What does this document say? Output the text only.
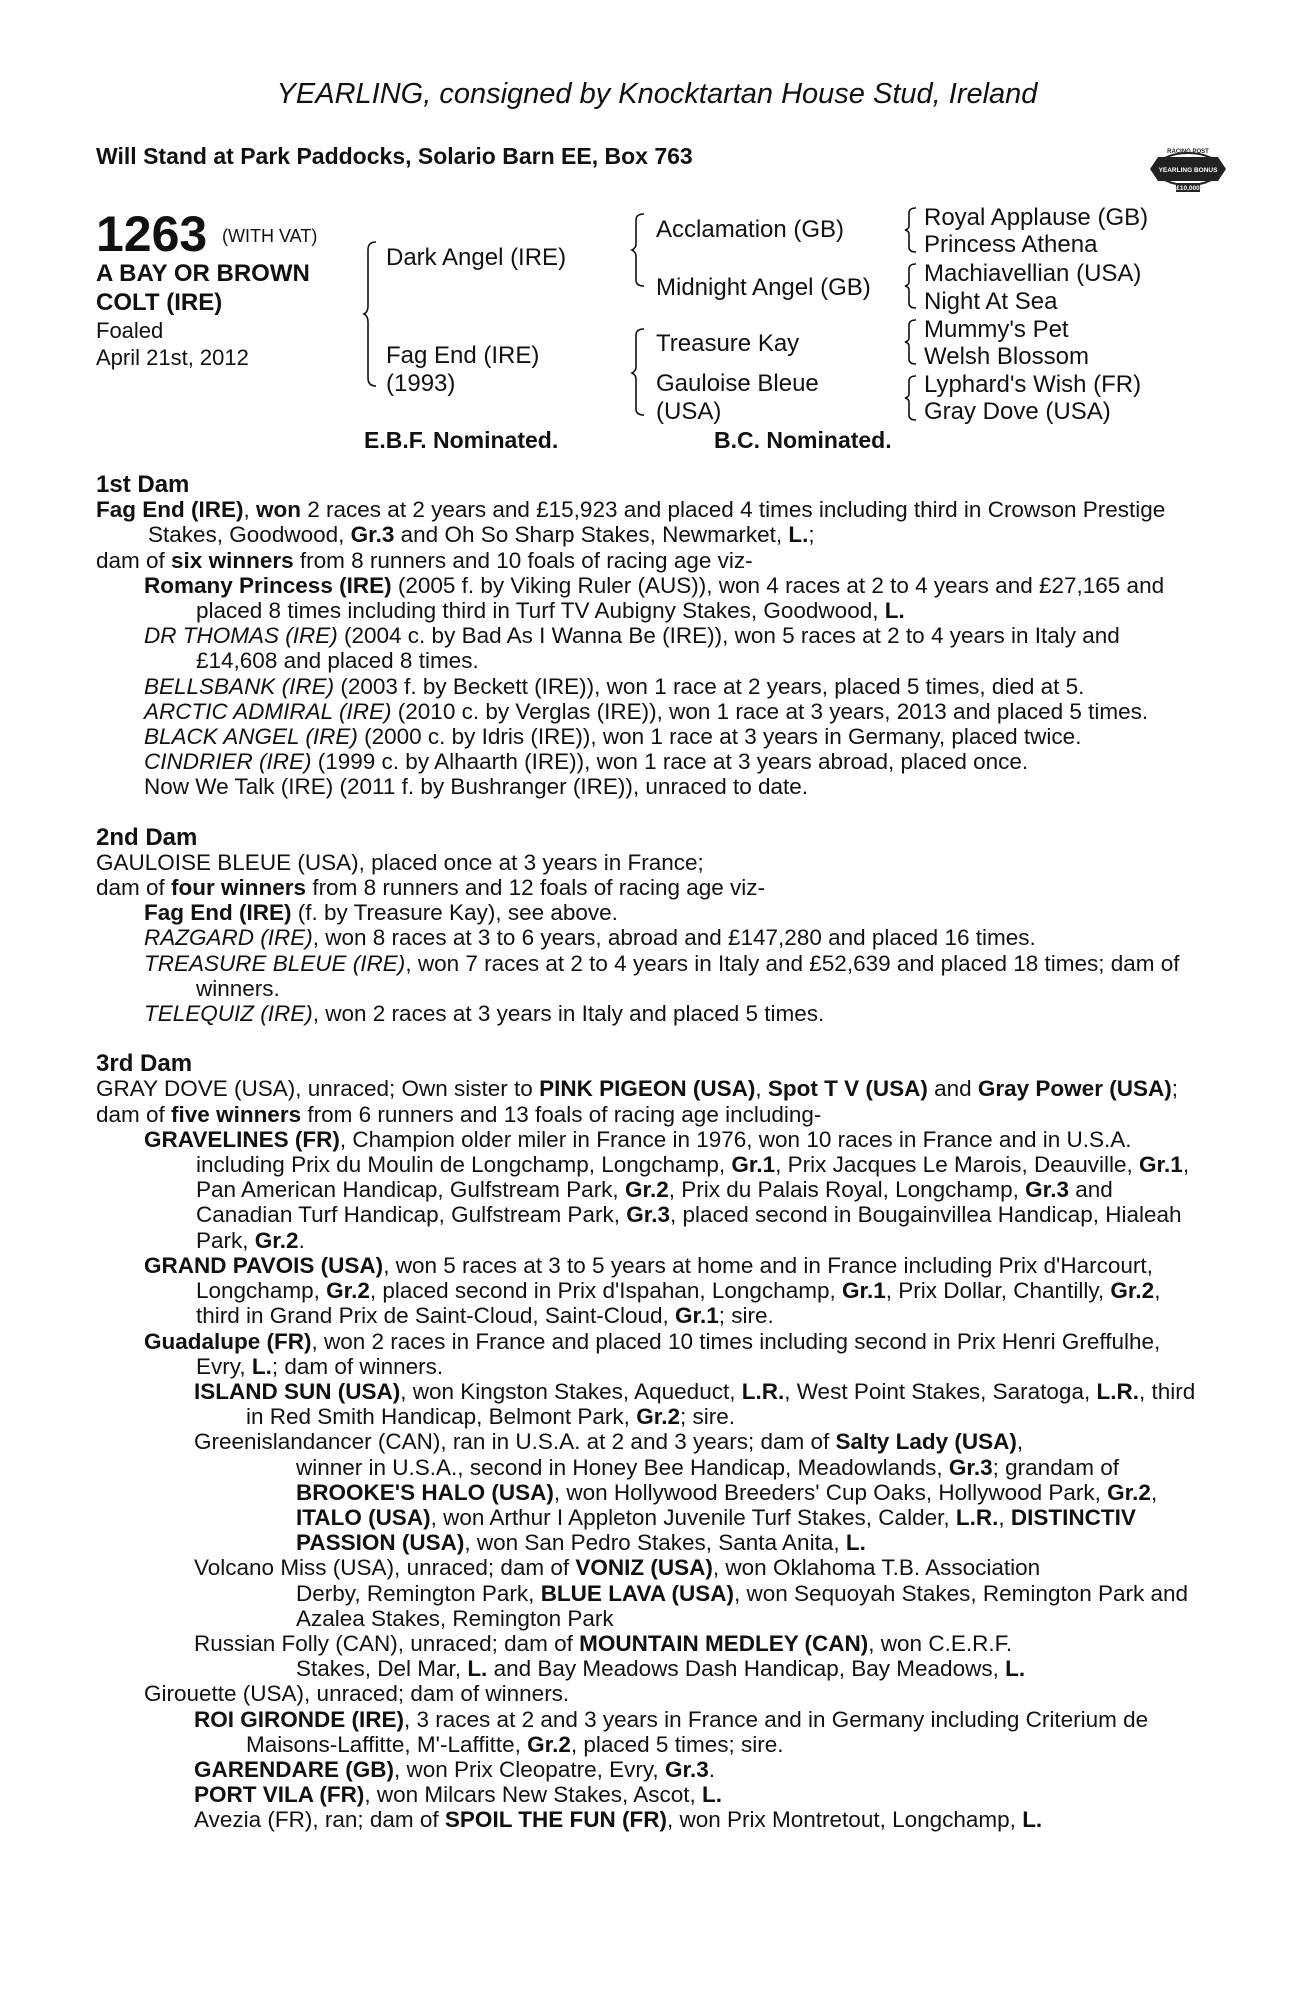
YEARLING, consigned by Knocktartan House Stud, Ireland
Will Stand at Park Paddocks, Solario Barn EE, Box 763	RACING POST
YEARLING BONUS
£10,000
1263 (WITH VAT)
A BAY OR BROWN
COLT (IRE)
Foaled
April 21st, 2012
Dark Angel (IRE)
Fag End (IRE)
(1993)
Acclamation (GB)
Midnight Angel (GB)
Treasure Kay
Gauloise Bleue
(USA)
Royal Applause (GB)
Princess Athena
Machiavellian (USA)
Night At Sea
Mummy's Pet
Welsh Blossom
Lyphard's Wish (FR)
Gray Dove (USA)
E.B.F. Nominated.	B.C. Nominated.

1st Dam

Fag End (IRE), won 2 races at 2 years and £15,923 and placed 4 times including third in Crowson Prestige Stakes, Goodwood, Gr.3 and Oh So Sharp Stakes, Newmarket, L.;

dam of six winners from 8 runners and 10 foals of racing age viz-

Romany Princess (IRE) (2005 f. by Viking Ruler (AUS)), won 4 races at 2 to 4 years and £27,165 and placed 8 times including third in Turf TV Aubigny Stakes, Goodwood, L.

DR THOMAS (IRE) (2004 c. by Bad As I Wanna Be (IRE)), won 5 races at 2 to 4 years in Italy and £14,608 and placed 8 times.

BELLSBANK (IRE) (2003 f. by Beckett (IRE)), won 1 race at 2 years, placed 5 times, died at 5.

ARCTIC ADMIRAL (IRE) (2010 c. by Verglas (IRE)), won 1 race at 3 years, 2013 and placed 5 times.

BLACK ANGEL (IRE) (2000 c. by Idris (IRE)), won 1 race at 3 years in Germany, placed twice.

CINDRIER (IRE) (1999 c. by Alhaarth (IRE)), won 1 race at 3 years abroad, placed once.

Now We Talk (IRE) (2011 f. by Bushranger (IRE)), unraced to date.

2nd Dam

GAULOISE BLEUE (USA), placed once at 3 years in France;

dam of four winners from 8 runners and 12 foals of racing age viz-

Fag End (IRE) (f. by Treasure Kay), see above.

RAZGARD (IRE), won 8 races at 3 to 6 years, abroad and £147,280 and placed 16 times.

TREASURE BLEUE (IRE), won 7 races at 2 to 4 years in Italy and £52,639 and placed 18 times; dam of winners.

TELEQUIZ (IRE), won 2 races at 3 years in Italy and placed 5 times.

3rd Dam

GRAY DOVE (USA), unraced; Own sister to PINK PIGEON (USA), Spot T V (USA) and Gray Power (USA);

dam of five winners from 6 runners and 13 foals of racing age including-

GRAVELINES (FR), Champion older miler in France in 1976, won 10 races in France and in U.S.A. including Prix du Moulin de Longchamp, Longchamp, Gr.1, Prix Jacques Le Marois, Deauville, Gr.1, Pan American Handicap, Gulfstream Park, Gr.2, Prix du Palais Royal, Longchamp, Gr.3 and Canadian Turf Handicap, Gulfstream Park, Gr.3, placed second in Bougainvillea Handicap, Hialeah Park, Gr.2.

GRAND PAVOIS (USA), won 5 races at 3 to 5 years at home and in France including Prix d'Harcourt, Longchamp, Gr.2, placed second in Prix d'Ispahan, Longchamp, Gr.1, Prix Dollar, Chantilly, Gr.2, third in Grand Prix de Saint-Cloud, Saint-Cloud, Gr.1; sire.

Guadalupe (FR), won 2 races in France and placed 10 times including second in Prix Henri Greffulhe, Evry, L.; dam of winners.

ISLAND SUN (USA), won Kingston Stakes, Aqueduct, L.R., West Point Stakes, Saratoga, L.R., third in Red Smith Handicap, Belmont Park, Gr.2; sire.

Greenislandancer (CAN), ran in U.S.A. at 2 and 3 years; dam of Salty Lady (USA),

winner in U.S.A., second in Honey Bee Handicap, Meadowlands, Gr.3; grandam of BROOKE'S HALO (USA), won Hollywood Breeders' Cup Oaks, Hollywood Park, Gr.2, ITALO (USA), won Arthur I Appleton Juvenile Turf Stakes, Calder, L.R., DISTINCTIV PASSION (USA), won San Pedro Stakes, Santa Anita, L.

Volcano Miss (USA), unraced; dam of VONIZ (USA), won Oklahoma T.B. Association

Derby, Remington Park, BLUE LAVA (USA), won Sequoyah Stakes, Remington Park and Azalea Stakes, Remington Park

Russian Folly (CAN), unraced; dam of MOUNTAIN MEDLEY (CAN), won C.E.R.F.

Stakes, Del Mar, L. and Bay Meadows Dash Handicap, Bay Meadows, L.

Girouette (USA), unraced; dam of winners.

ROI GIRONDE (IRE), 3 races at 2 and 3 years in France and in Germany including Criterium de Maisons-Laffitte, M'-Laffitte, Gr.2, placed 5 times; sire.

GARENDARE (GB), won Prix Cleopatre, Evry, Gr.3.

PORT VILA (FR), won Milcars New Stakes, Ascot, L.

Avezia (FR), ran; dam of SPOIL THE FUN (FR), won Prix Montretout, Longchamp, L.
